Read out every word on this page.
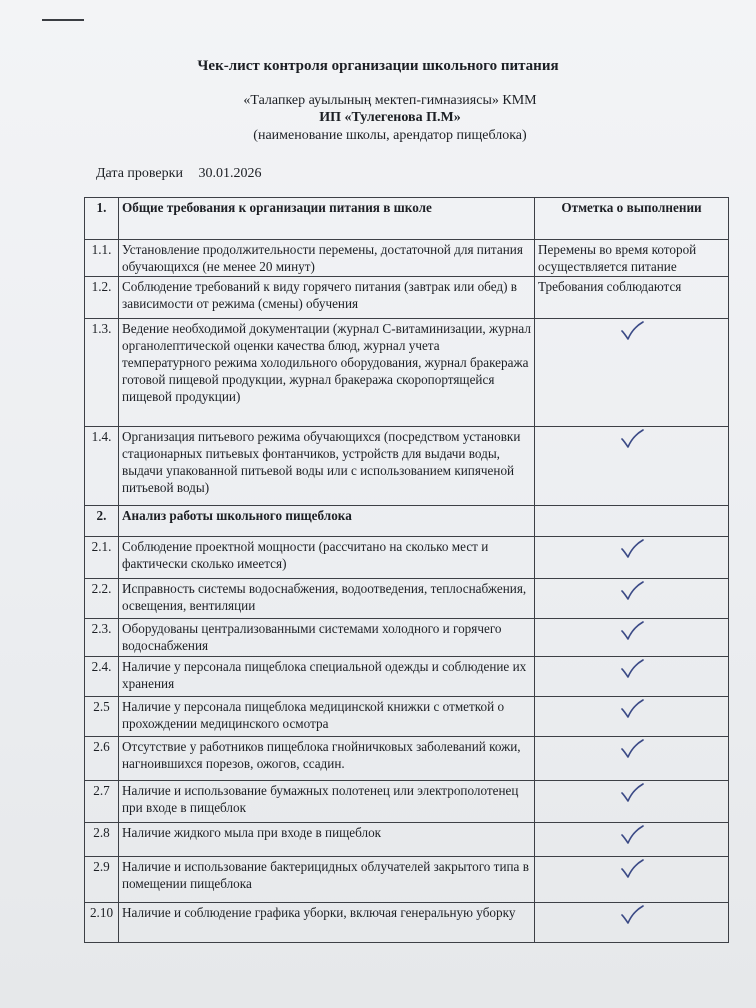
Чек-лист контроля организации школьного питания
«Талапкер ауылының мектеп-гимназиясы» КММ
ИП «Тулегенова П.М»
(наименование школы, арендатор пищеблока)
Дата проверки 30.01.2026
1.	Общие требования к организации питания в школе	Отметка о выполнении
1.1.	Установление продолжительности перемены, достаточной для питания обучающихся (не менее 20 минут)	Перемены во время которой осуществляется питание
1.2.	Соблюдение требований к виду горячего питания (завтрак или обед) в зависимости от режима (смены) обучения	Требования соблюдаются
1.3.	Ведение необходимой документации (журнал С-витаминизации, журнал органолептической оценки качества блюд, журнал учета температурного режима холодильного оборудования, журнал бракеража готовой пищевой продукции, журнал бракеража скоропортящейся пищевой продукции)	

1.4.	Организация питьевого режима обучающихся (посредством установки стационарных питьевых фонтанчиков, устройств для выдачи воды, выдачи упакованной питьевой воды или с использованием кипяченой питьевой воды)	

2.	Анализ работы школьного пищеблока	
2.1.	Соблюдение проектной мощности (рассчитано на сколько мест и фактически сколько имеется)	

2.2.	Исправность системы водоснабжения, водоотведения, теплоснабжения, освещения, вентиляции	

2.3.	Оборудованы централизованными системами холодного и горячего водоснабжения	

2.4.	Наличие у персонала пищеблока специальной одежды и соблюдение их хранения	

2.5	Наличие у персонала пищеблока медицинской книжки с отметкой о прохождении медицинского осмотра	

2.6	Отсутствие у работников пищеблока гнойничковых заболеваний кожи, нагноившихся порезов, ожогов, ссадин.	

2.7	Наличие и использование бумажных полотенец или электрополотенец при входе в пищеблок	

2.8	Наличие жидкого мыла при входе в пищеблок	

2.9	Наличие и использование бактерицидных облучателей закрытого типа в помещении пищеблока	

2.10	Наличие и соблюдение графика уборки, включая генеральную уборку	
